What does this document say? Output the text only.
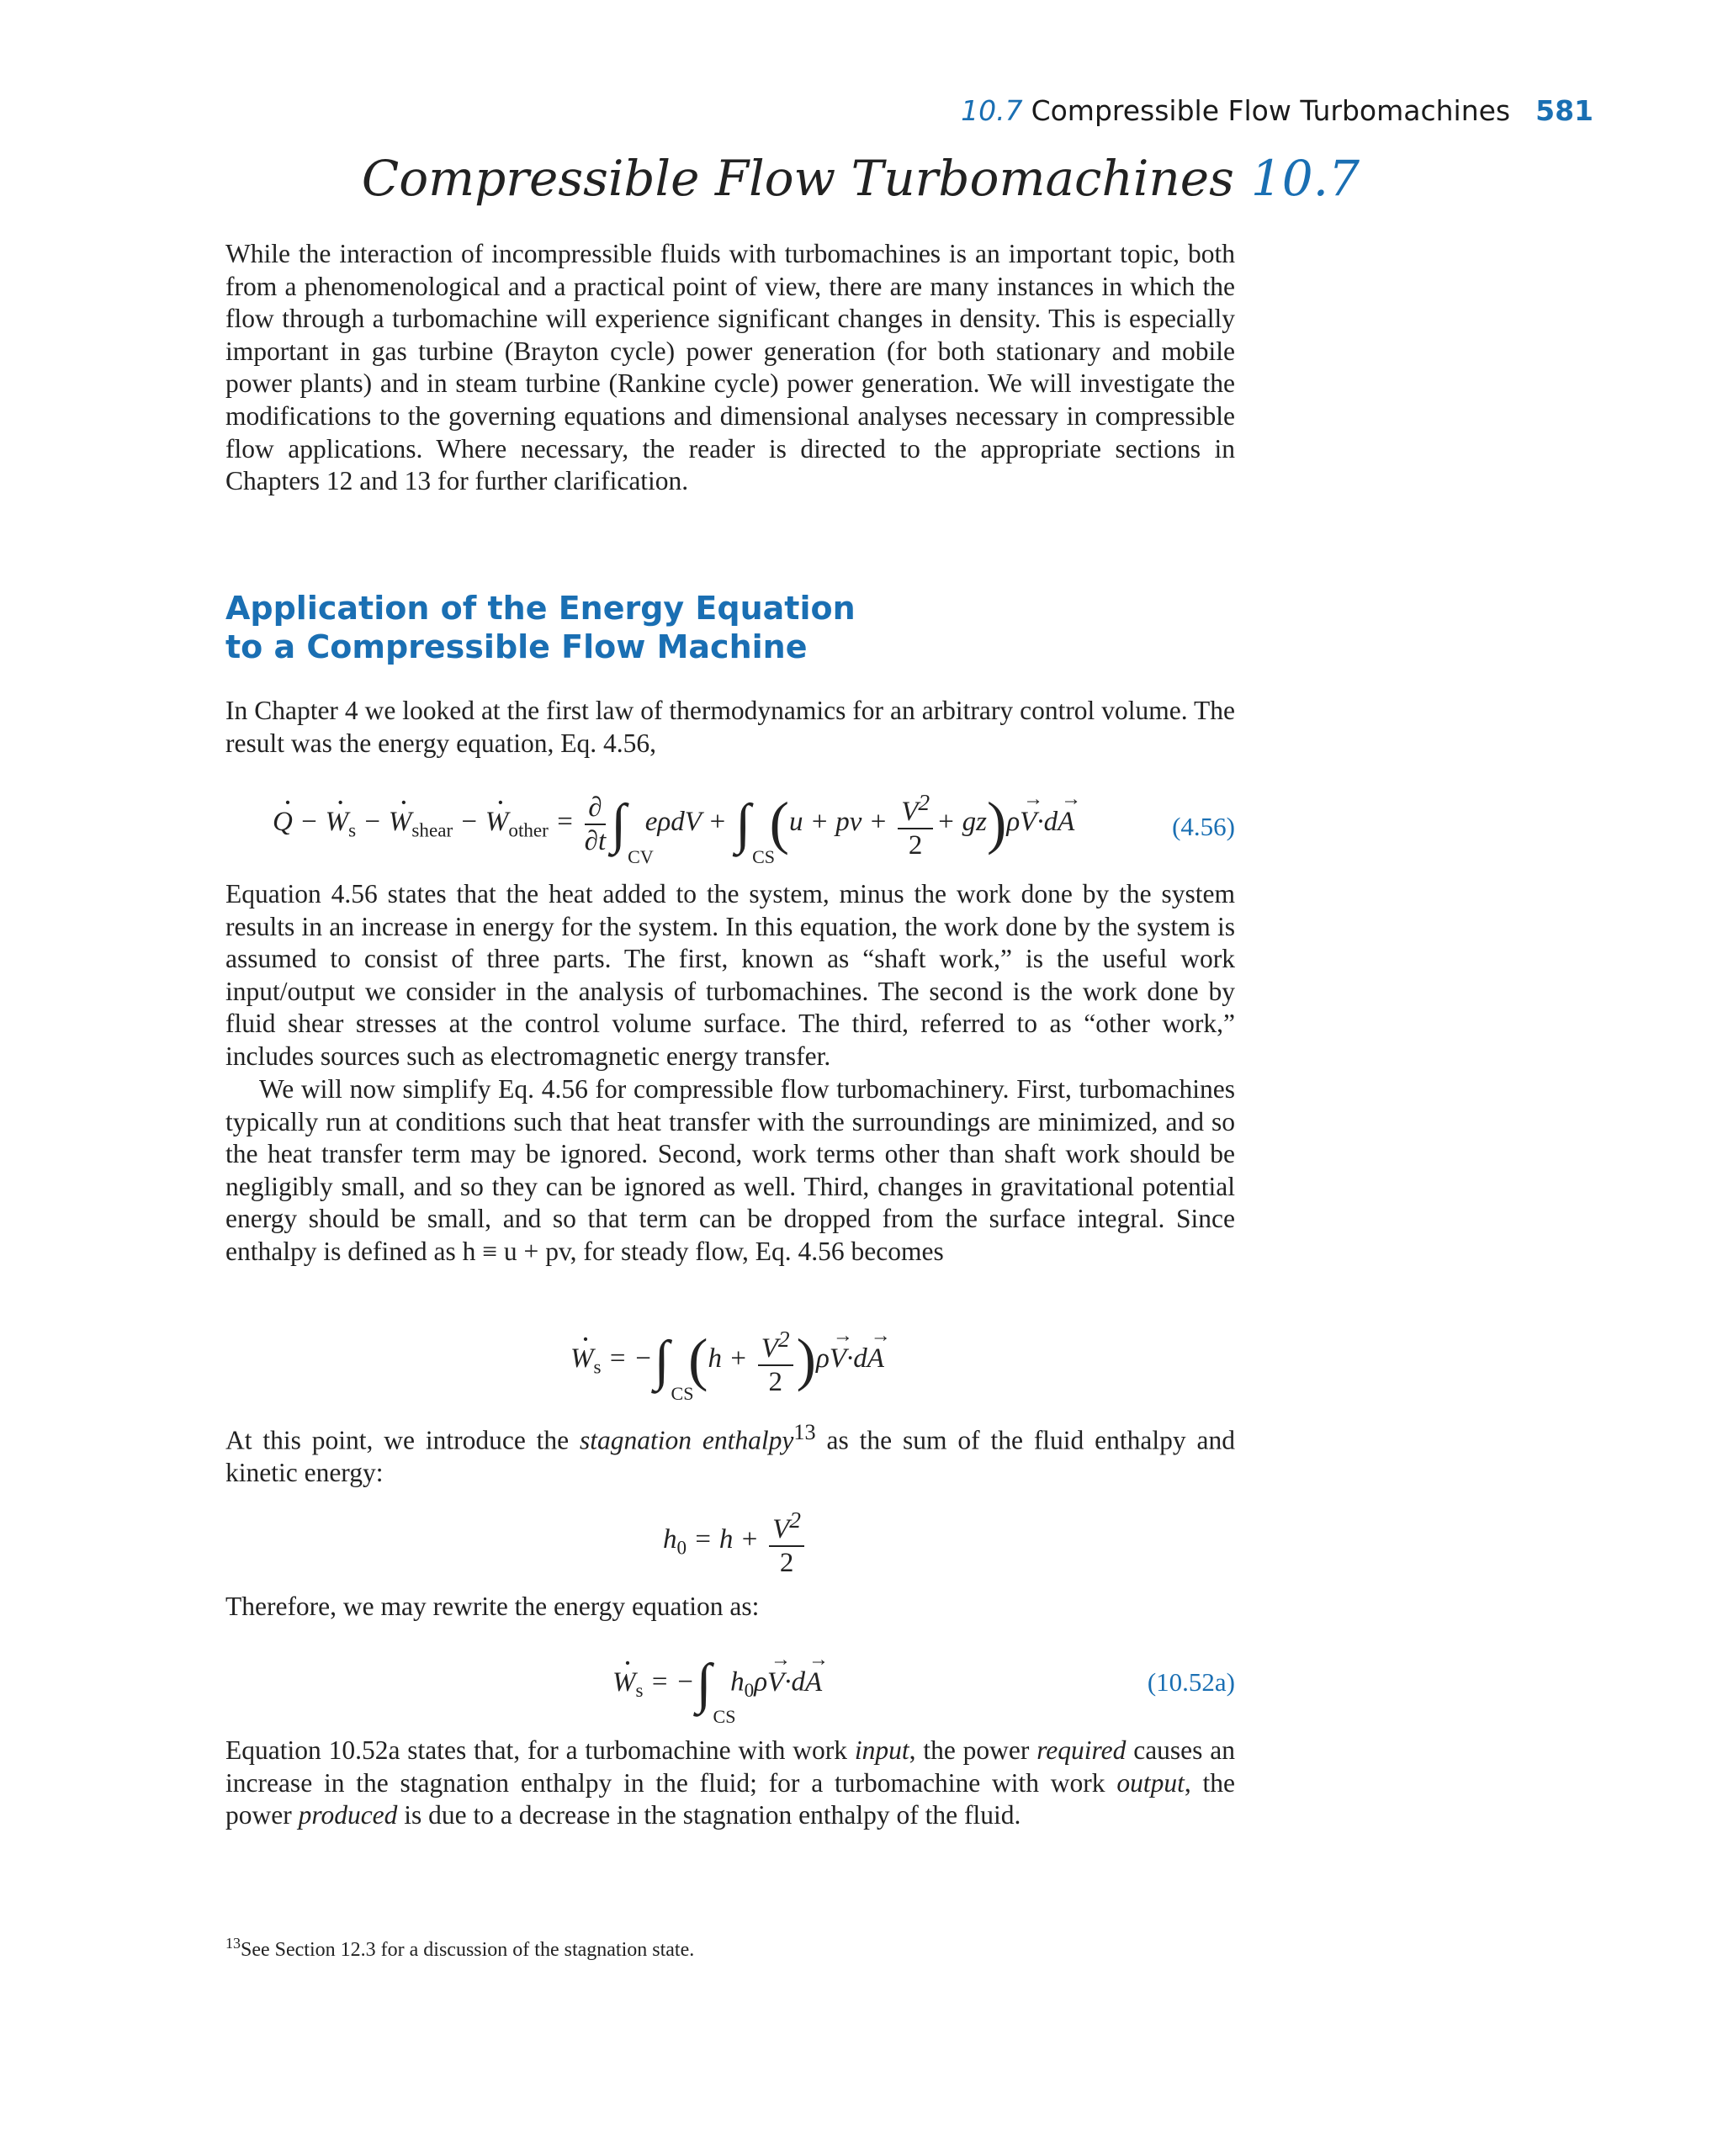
10.7 Compressible Flow Turbomachines 581
Compressible Flow Turbomachines 10.7

While the interaction of incompressible fluids with turbomachines is an important topic, both from a phenomenological and a practical point of view, there are many instances in which the flow through a turbomachine will experience significant changes in density. This is especially important in gas turbine (Brayton cycle) power generation (for both stationary and mobile power plants) and in steam turbine (Rankine cycle) power generation. We will investigate the modifications to the governing equations and dimensional analyses necessary in compressible flow applications. Where necessary, the reader is directed to the appropriate sections in Chapters 12 and 13 for further clarification.

Application of the Energy Equation
to a Compressible Flow Machine

In Chapter 4 we looked at the first law of thermodynamics for an arbitrary control volume. The result was the energy equation, Eq. 4.56,

· Q − · $W_s$ − · $W_{shear}$ − · $W_{other} = \frac{\partial}{\partial t}$ ∫
CV
eρdV + ∫
CS
(u + pv + $\frac{V^2}{2} + gz)\rho\to V\cdot d\to A$	(4.56)

Equation 4.56 states that the heat added to the system, minus the work done by the system results in an increase in energy for the system. In this equation, the work done by the system is assumed to consist of three parts. The first, known as “shaft work,” is the useful work input/output we consider in the analysis of turbomachines. The second is the work done by fluid shear stresses at the control volume surface. The third, referred to as “other work,” includes sources such as electromagnetic energy transfer.

We will now simplify Eq. 4.56 for compressible flow turbomachinery. First, turbomachines typically run at conditions such that heat transfer with the surroundings are minimized, and so the heat transfer term may be ignored. Second, work terms other than shaft work should be negligibly small, and so they can be ignored as well. Third, changes in gravitational potential energy should be small, and so that term can be dropped from the surface integral. Since enthalpy is defined as h ≡ u + pv, for steady flow, Eq. 4.56 becomes

· $W_s$ = −∫
CS
$(h + \frac{V^2}{2} )\rho\to V\cdot d\to A$

At this point, we introduce the stagnation enthalpy$^{13}$ as the sum of the fluid enthalpy and kinetic energy:

$h_0 = h + \frac{V^2}{2}$

Therefore, we may rewrite the energy equation as:

· $W_s$ = −∫
CS
$h_0\rho\to V\cdot d\to A$	(10.52a)

Equation 10.52a states that, for a turbomachine with work input, the power required causes an increase in the stagnation enthalpy in the fluid; for a turbomachine with work output, the power produced is due to a decrease in the stagnation enthalpy of the fluid.

$^{13}$See Section 12.3 for a discussion of the stagnation state.
